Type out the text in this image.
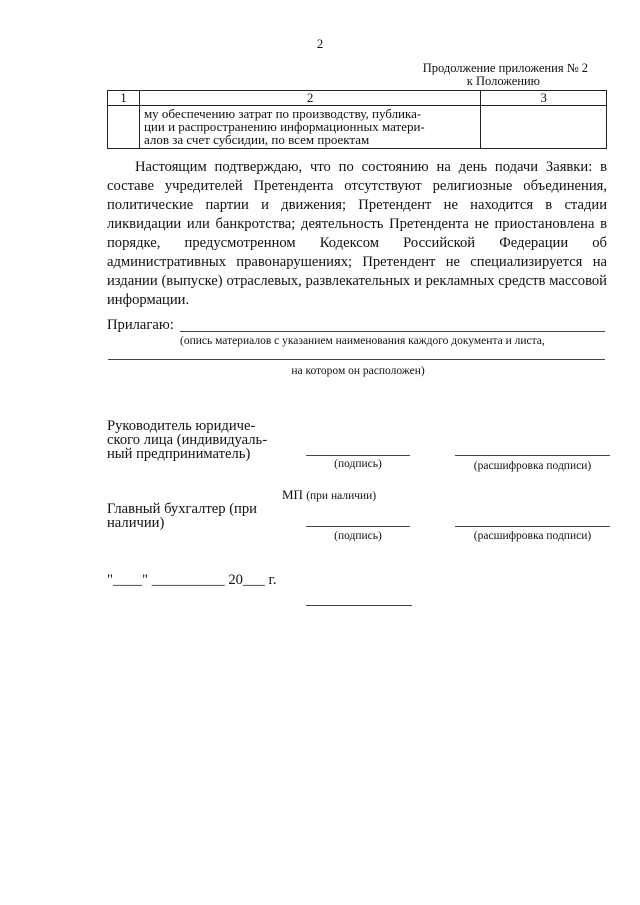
2
Продолжение приложения № 2
к Положению
1	2	3

	му обеспечению затрат по производству, публика-
ции и распространению информационных матери-
алов за счет субсидии, по всем проектам	

Настоящим подтверждаю, что по состоянию на день подачи Заявки: в составе учредителей Претендента отсутствуют религиозные объединения, политические партии и движения; Претендент не находится в стадии ликвидации или банкротства; деятельность Претендента не приостановлена в порядке, предусмотренном Кодексом Российской Федерации об административных правонарушениях; Претендент не специализируется на издании (выпуске) отраслевых, развлекательных и рекламных средств массовой информации.
Прилагаю:
(опись материалов с указанием наименования каждого документа и листа,
на котором он расположен)
Руководитель юридиче-
ского лица (индивидуаль-
ный предприниматель)
(подпись)	(расшифровка подписи)
МП (при наличии)
Главный бухгалтер (при
наличии)
(подпись)	(расшифровка подписи)
"____" __________ 20___ г.
